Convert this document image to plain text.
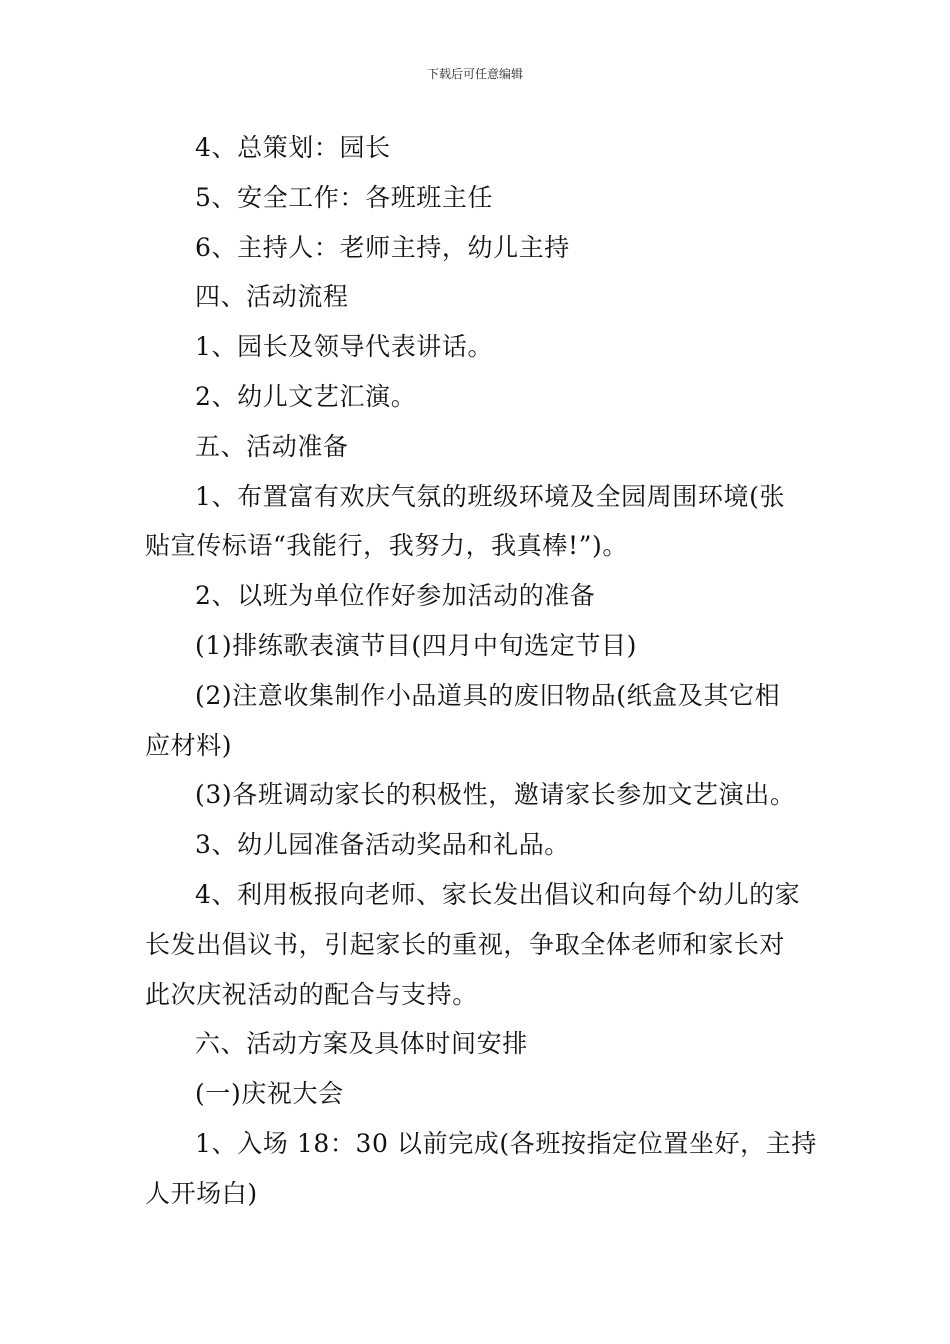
下载后可任意编辑

4、总策划：园长

5、安全工作：各班班主任

6、主持人：老师主持，幼儿主持

四、活动流程

1、园长及领导代表讲话。

2、幼儿文艺汇演。

五、活动准备

1、布置富有欢庆气氛的班级环境及全园周围环境(张

贴宣传标语“我能行，我努力，我真棒!”)。

2、以班为单位作好参加活动的准备

(1)排练歌表演节目(四月中旬选定节目)

(2)注意收集制作小品道具的废旧物品(纸盒及其它相

应材料)

(3)各班调动家长的积极性，邀请家长参加文艺演出。

3、幼儿园准备活动奖品和礼品。

4、利用板报向老师、家长发出倡议和向每个幼儿的家

长发出倡议书，引起家长的重视，争取全体老师和家长对

此次庆祝活动的配合与支持。

六、活动方案及具体时间安排

(一)庆祝大会

1、入场 18：30 以前完成(各班按指定位置坐好，主持

人开场白)
